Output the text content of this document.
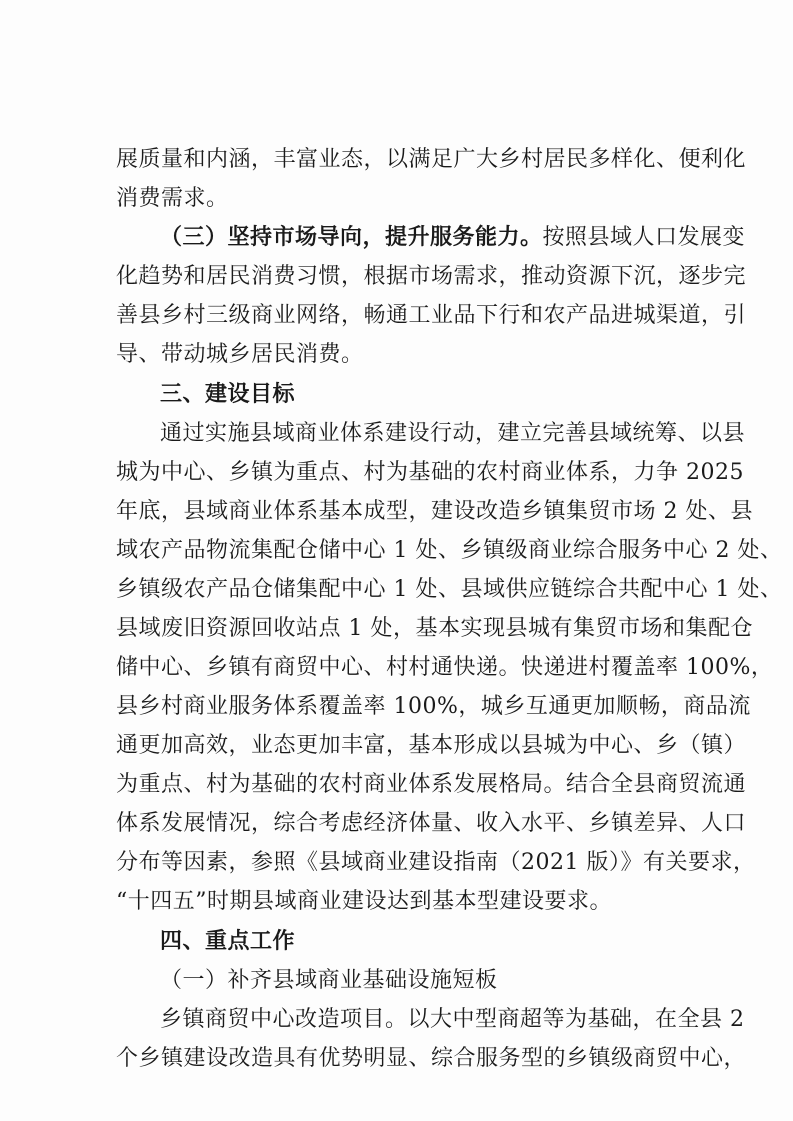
展质量和内涵，丰富业态，以满足广大乡村居民多样化、便利化
消费需求。
（三）坚持市场导向，提升服务能力。按照县域人口发展变
化趋势和居民消费习惯，根据市场需求，推动资源下沉，逐步完
善县乡村三级商业网络，畅通工业品下行和农产品进城渠道，引
导、带动城乡居民消费。
三、建设目标
通过实施县域商业体系建设行动，建立完善县域统筹、以县
城为中心、乡镇为重点、村为基础的农村商业体系，力争 2025
年底，县域商业体系基本成型，建设改造乡镇集贸市场 2 处、县
域农产品物流集配仓储中心 1 处、乡镇级商业综合服务中心 2 处、
乡镇级农产品仓储集配中心 1 处、县域供应链综合共配中心 1 处、
县域废旧资源回收站点 1 处，基本实现县城有集贸市场和集配仓
储中心、乡镇有商贸中心、村村通快递。快递进村覆盖率 100%，
县乡村商业服务体系覆盖率 100%，城乡互通更加顺畅，商品流
通更加高效，业态更加丰富，基本形成以县城为中心、乡（镇）
为重点、村为基础的农村商业体系发展格局。结合全县商贸流通
体系发展情况，综合考虑经济体量、收入水平、乡镇差异、人口
分布等因素，参照《县域商业建设指南（2021 版）》有关要求，
“十四五”时期县域商业建设达到基本型建设要求。
四、重点工作
（一）补齐县域商业基础设施短板
乡镇商贸中心改造项目。以大中型商超等为基础，在全县 2
个乡镇建设改造具有优势明显、综合服务型的乡镇级商贸中心，
